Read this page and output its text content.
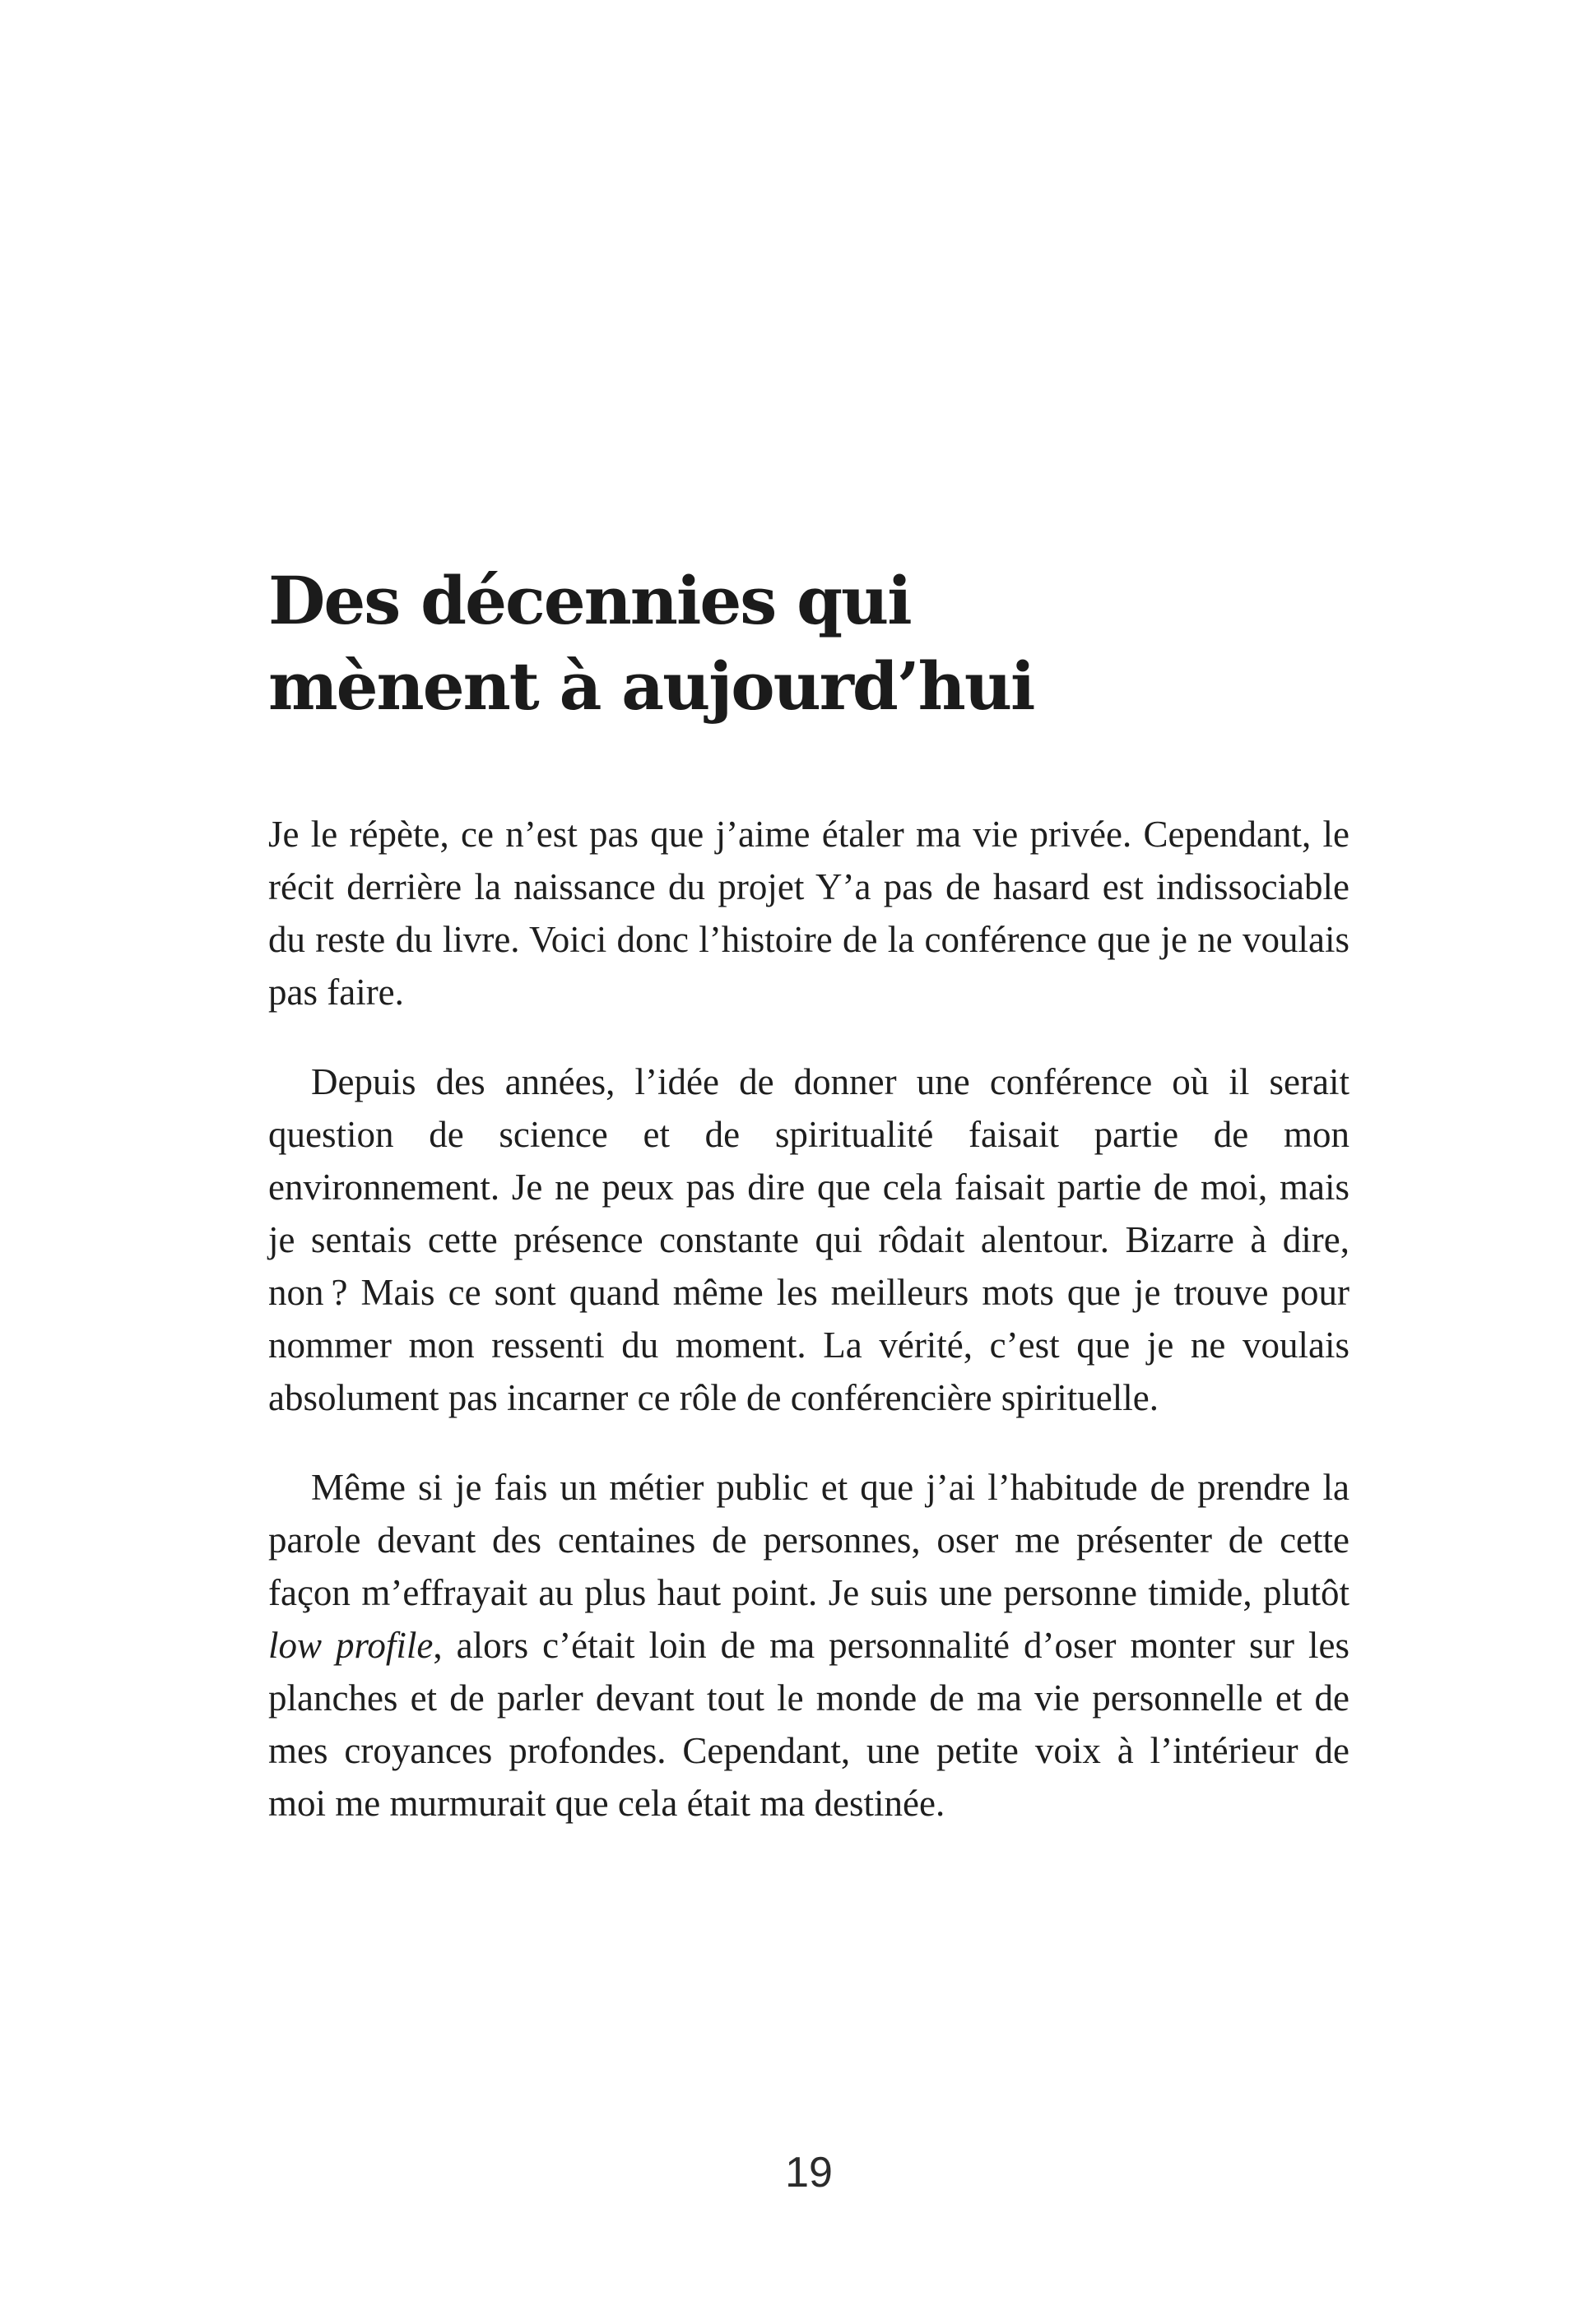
Des décennies qui
mènent à aujourd’hui

Je le répète, ce n’est pas que j’aime étaler ma vie privée. Cependant, le récit derrière la naissance du projet Y’a pas de hasard est indissociable du reste du livre. Voici donc l’histoire de la conférence que je ne voulais pas faire.

Depuis des années, l’idée de donner une conférence où il serait question de science et de spiritualité faisait partie de mon environnement. Je ne peux pas dire que cela faisait partie de moi, mais je sentais cette présence constante qui rôdait alentour. Bizarre à dire, non ? Mais ce sont quand même les meilleurs mots que je trouve pour nommer mon ressenti du moment. La vérité, c’est que je ne voulais absolument pas incarner ce rôle de conférencière spirituelle.

Même si je fais un métier public et que j’ai l’habitude de prendre la parole devant des centaines de personnes, oser me présenter de cette façon m’effrayait au plus haut point. Je suis une personne timide, plutôt low profile, alors c’était loin de ma personnalité d’oser monter sur les planches et de parler devant tout le monde de ma vie personnelle et de mes croyances profondes. Cependant, une petite voix à l’intérieur de moi me murmurait que cela était ma destinée.

19
